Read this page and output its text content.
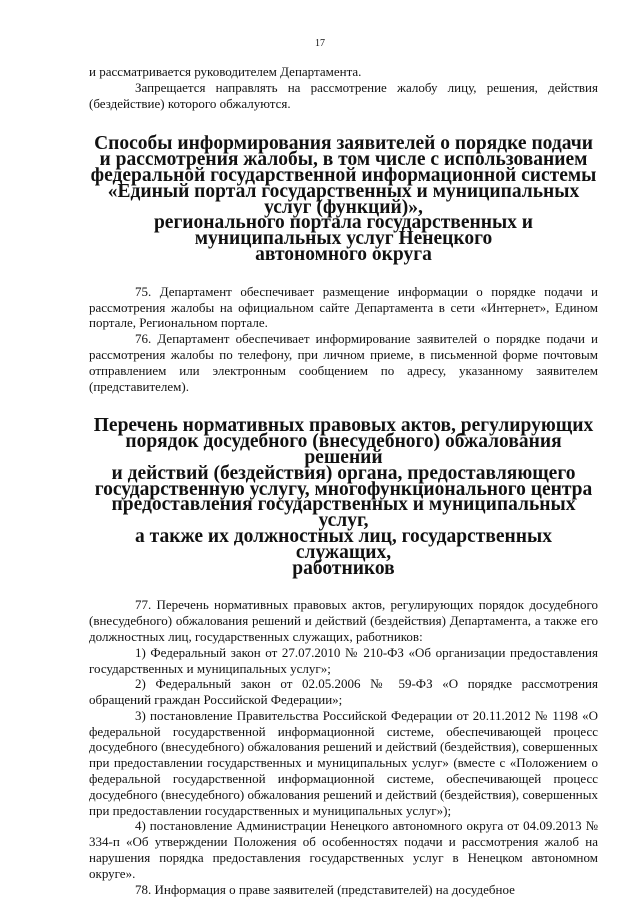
17

и рассматривается руководителем Департамента.

Запрещается направлять на рассмотрение жалобу лицу, решения, действия (бездействие) которого обжалуются.

Способы информирования заявителей о порядке подачи
и рассмотрения жалобы, в том числе с использованием
федеральной государственной информационной системы
«Единый портал государственных и муниципальных услуг (функций)»,
регионального портала государственных и муниципальных услуг Ненецкого
автономного округа

75. Департамент обеспечивает размещение информации о порядке подачи и рассмотрения жалобы на официальном сайте Департамента в сети «Интернет», Едином портале, Региональном портале.

76. Департамент обеспечивает информирование заявителей о порядке подачи и рассмотрения жалобы по телефону, при личном приеме, в письменной форме почтовым отправлением или электронным сообщением по адресу, указанному заявителем (представителем).

Перечень нормативных правовых актов, регулирующих
порядок досудебного (внесудебного) обжалования решений
и действий (бездействия) органа, предоставляющего
государственную услугу, многофункционального центра
предоставления государственных и муниципальных услуг,
а также их должностных лиц, государственных служащих,
работников

77. Перечень нормативных правовых актов, регулирующих порядок досудебного (внесудебного) обжалования решений и действий (бездействия) Департамента, а также его должностных лиц, государственных служащих, работников:

1) Федеральный закон от 27.07.2010 № 210-ФЗ «Об организации предоставления государственных и муниципальных услуг»;

2) Федеральный закон от 02.05.2006 № 59-ФЗ «О порядке рассмотрения обращений граждан Российской Федерации»;

3) постановление Правительства Российской Федерации от 20.11.2012 № 1198 «О федеральной государственной информационной системе, обеспечивающей процесс досудебного (внесудебного) обжалования решений и действий (бездействия), совершенных при предоставлении государственных и муниципальных услуг» (вместе с «Положением о федеральной государственной информационной системе, обеспечивающей процесс досудебного (внесудебного) обжалования решений и действий (бездействия), совершенных при предоставлении государственных и муниципальных услуг»);

4) постановление Администрации Ненецкого автономного округа от 04.09.2013 № 334-п «Об утверждении Положения об особенностях подачи и рассмотрения жалоб на нарушения порядка предоставления государственных услуг в Ненецком автономном округе».

78. Информация о праве заявителей (представителей) на досудебное
